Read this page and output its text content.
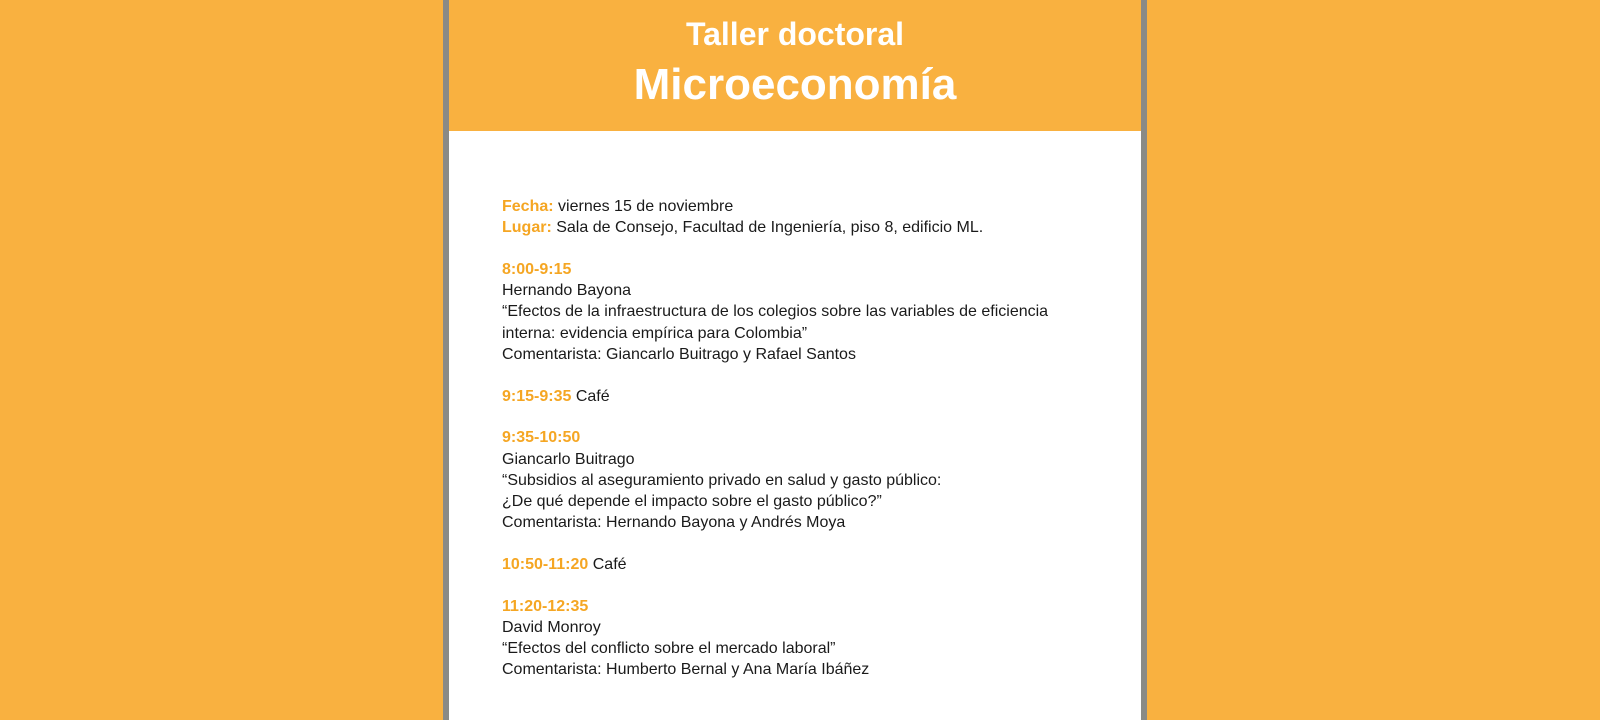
Taller doctoral
Microeconomía
Fecha: viernes 15 de noviembre
Lugar: Sala de Consejo, Facultad de Ingeniería, piso 8, edificio ML.
8:00-9:15
Hernando Bayona
“Efectos de la infraestructura de los colegios sobre las variables de eficiencia
interna: evidencia empírica para Colombia”
Comentarista: Giancarlo Buitrago y Rafael Santos
9:15-9:35 Café
9:35-10:50
Giancarlo Buitrago
“Subsidios al aseguramiento privado en salud y gasto público:
¿De qué depende el impacto sobre el gasto público?”
Comentarista: Hernando Bayona y Andrés Moya
10:50-11:20 Café
11:20-12:35
David Monroy
“Efectos del conflicto sobre el mercado laboral”
Comentarista: Humberto Bernal y Ana María Ibáñez
